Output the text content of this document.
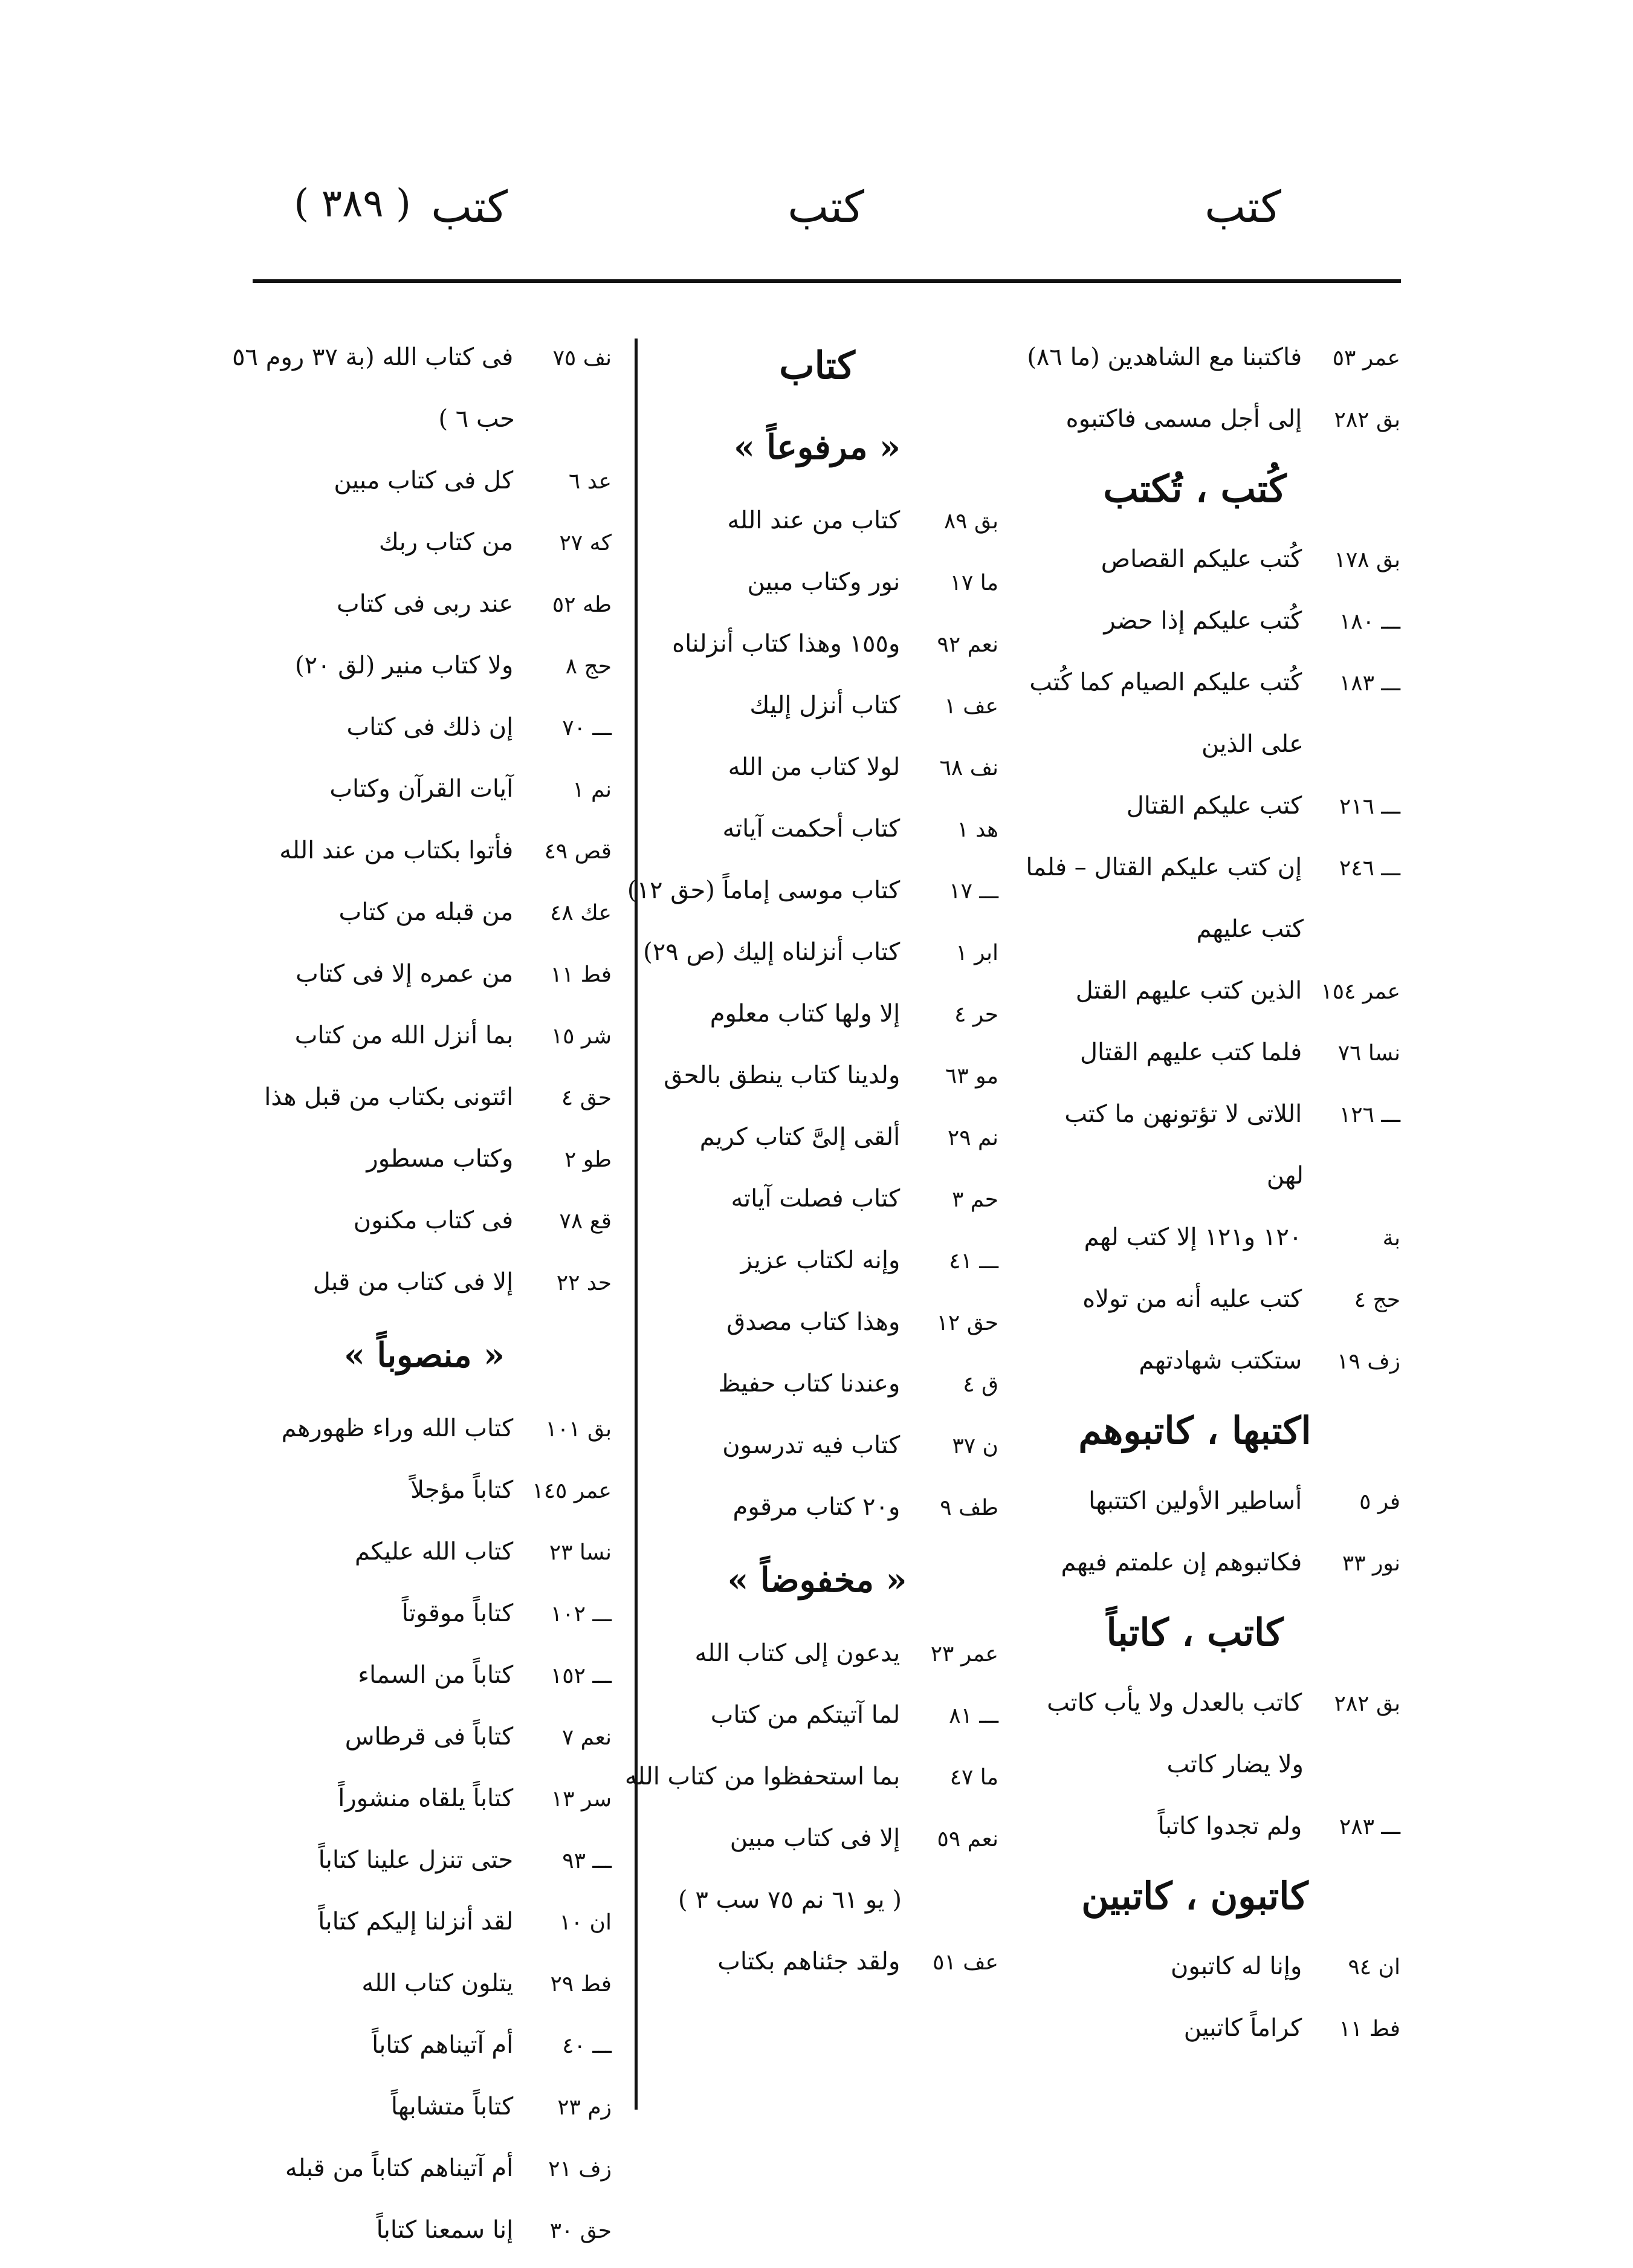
كتب
كتب
كتب
( ٣٨٩ )
عمر ٥٣ فاكتبنا مع الشاهدين (ما ٨٦)
بق ٢٨٢ إلى أجل مسمى فاكتبوه
كُتب ، تُكتب
بق ١٧٨ كُتب عليكم القصاص
ـــ ١٨٠ كُتب عليكم إذا حضر
ـــ ١٨٣ كُتب عليكم الصيام كما كُتب
على الذين
ـــ ٢١٦ كتب عليكم القتال
ـــ ٢٤٦ إن كتب عليكم القتال – فلما
كتب عليهم
عمر ١٥٤ الذين كتب عليهم القتل
نسا ٧٦ فلما كتب عليهم القتال
ـــ ١٢٦ اللاتى لا تؤتونهن ما كتب
لهن
بة ١٢٠ و١٢١ إلا كتب لهم
حج ٤ كتب عليه أنه من تولاه
زف ١٩ ستكتب شهادتهم
اكتبها ، كاتبوهم
فر ٥ أساطير الأولين اكتتبها
نور ٣٣ فكاتبوهم إن علمتم فيهم
كاتب ، كاتباً
بق ٢٨٢ كاتب بالعدل ولا يأب كاتب
ولا يضار كاتب
ـــ ٢٨٣ ولم تجدوا كاتباً
كاتبون ، كاتبين
ان ٩٤ وإنا له كاتبون
فط ١١ كراماً كاتبين
كتاب
« مرفوعاً »
بق ٨٩ كتاب من عند الله
ما ١٧ نور وكتاب مبين
نعم ٩٢ و١٥٥ وهذا كتاب أنزلناه
عف ١ كتاب أنزل إليك
نف ٦٨ لولا كتاب من الله
هد ١ كتاب أحكمت آياته
ـــ ١٧ كتاب موسى إماماً (حق ١٢)
ابر ١ كتاب أنزلناه إليك (ص ٢٩)
حر ٤ إلا ولها كتاب معلوم
مو ٦٣ ولدينا كتاب ينطق بالحق
نم ٢٩ ألقى إلىَّ كتاب كريم
حم ٣ كتاب فصلت آياته
ـــ ٤١ وإنه لكتاب عزيز
حق ١٢ وهذا كتاب مصدق
ق ٤ وعندنا كتاب حفيظ
ن ٣٧ كتاب فيه تدرسون
طف ٩ و٢٠ كتاب مرقوم
« مخفوضاً »
عمر ٢٣ يدعون إلى كتاب الله
ـــ ٨١ لما آتيتكم من كتاب
ما ٤٧ بما استحفظوا من كتاب الله
نعم ٥٩ إلا فى كتاب مبين
( يو ٦١ نم ٧٥ سب ٣ )
عف ٥١ ولقد جئناهم بكتاب
نف ٧٥ فى كتاب الله (بة ٣٧ روم ٥٦
حب ٦ )
عد ٦ كل فى كتاب مبين
كه ٢٧ من كتاب ربك
طه ٥٢ عند ربى فى كتاب
حج ٨ ولا كتاب منير (لق ٢٠)
ـــ ٧٠ إن ذلك فى كتاب
نم ١ آيات القرآن وكتاب
قص ٤٩ فأتوا بكتاب من عند الله
عك ٤٨ من قبله من كتاب
فط ١١ من عمره إلا فى كتاب
شر ١٥ بما أنزل الله من كتاب
حق ٤ ائتونى بكتاب من قبل هذا
طو ٢ وكتاب مسطور
قع ٧٨ فى كتاب مكنون
حد ٢٢ إلا فى كتاب من قبل
« منصوباً »
بق ١٠١ كتاب الله وراء ظهورهم
عمر ١٤٥ كتاباً مؤجلاً
نسا ٢٣ كتاب الله عليكم
ـــ ١٠٢ كتاباً موقوتاً
ـــ ١٥٢ كتاباً من السماء
نعم ٧ كتاباً فى قرطاس
سر ١٣ كتاباً يلقاه منشوراً
ـــ ٩٣ حتى تنزل علينا كتاباً
ان ١٠ لقد أنزلنا إليكم كتاباً
فط ٢٩ يتلون كتاب الله
ـــ ٤٠ أم آتيناهم كتاباً
زم ٢٣ كتاباً متشابهاً
زف ٢١ أم آتيناهم كتاباً من قبله
حق ٣٠ إنا سمعنا كتاباً
